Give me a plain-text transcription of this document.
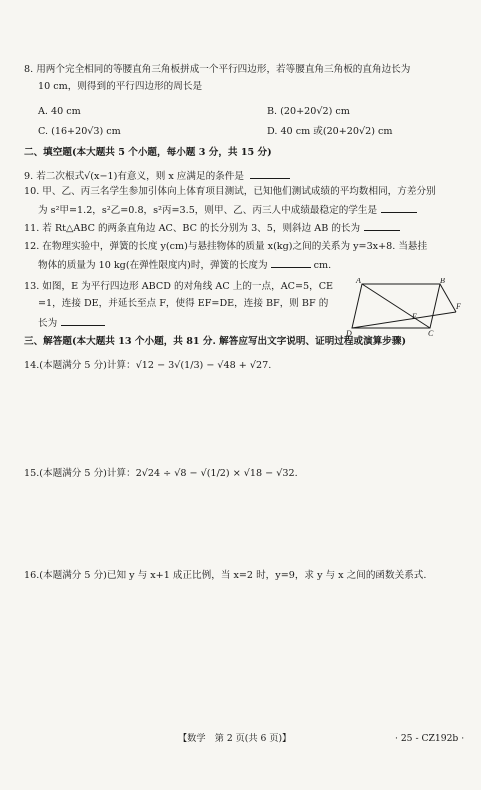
8. 用两个完全相同的等腰直角三角板拼成一个平行四边形，若等腰直角三角板的直角边长为
10 cm，则得到的平行四边形的周长是
A. 40 cm	B. (20+20√2) cm
C. (16+20√3) cm	D. 40 cm 或(20+20√2) cm
二、填空题(本大题共 5 个小题，每小题 3 分，共 15 分)
9. 若二次根式√(x−1)有意义，则 x 应满足的条件是
10. 甲、乙、丙三名学生参加引体向上体育项目测试，已知他们测试成绩的平均数相同，方差分别
为 s²甲=1.2，s²乙=0.8，s²丙=3.5，则甲、乙、丙三人中成绩最稳定的学生是
11. 若 Rt△ABC 的两条直角边 AC、BC 的长分别为 3、5，则斜边 AB 的长为
12. 在物理实验中，弹簧的长度 y(cm)与悬挂物体的质量 x(kg)之间的关系为 y=3x+8. 当悬挂
物体的质量为 10 kg(在弹性限度内)时，弹簧的长度为	cm.
13. 如图，E 为平行四边形 ABCD 的对角线 AC 上的一点，AC=5，CE
=1，连接 DE，并延长至点 F，使得 EF=DE，连接 BF，则 BF 的
长为
A	B
C
D
E
F
三、解答题(本大题共 13 个小题，共 81 分. 解答应写出文字说明、证明过程或演算步骤)
14.(本题满分 5 分)计算：√12 − 3√(1/3) − √48 + √27.
15.(本题满分 5 分)计算：2√24 ÷ √8 − √(1/2) × √18 − √32.
16.(本题满分 5 分)已知 y 与 x+1 成正比例，当 x=2 时，y=9，求 y 与 x 之间的函数关系式.
【数学　第 2 页(共 6 页)】	· 25 - CZ192b ·
